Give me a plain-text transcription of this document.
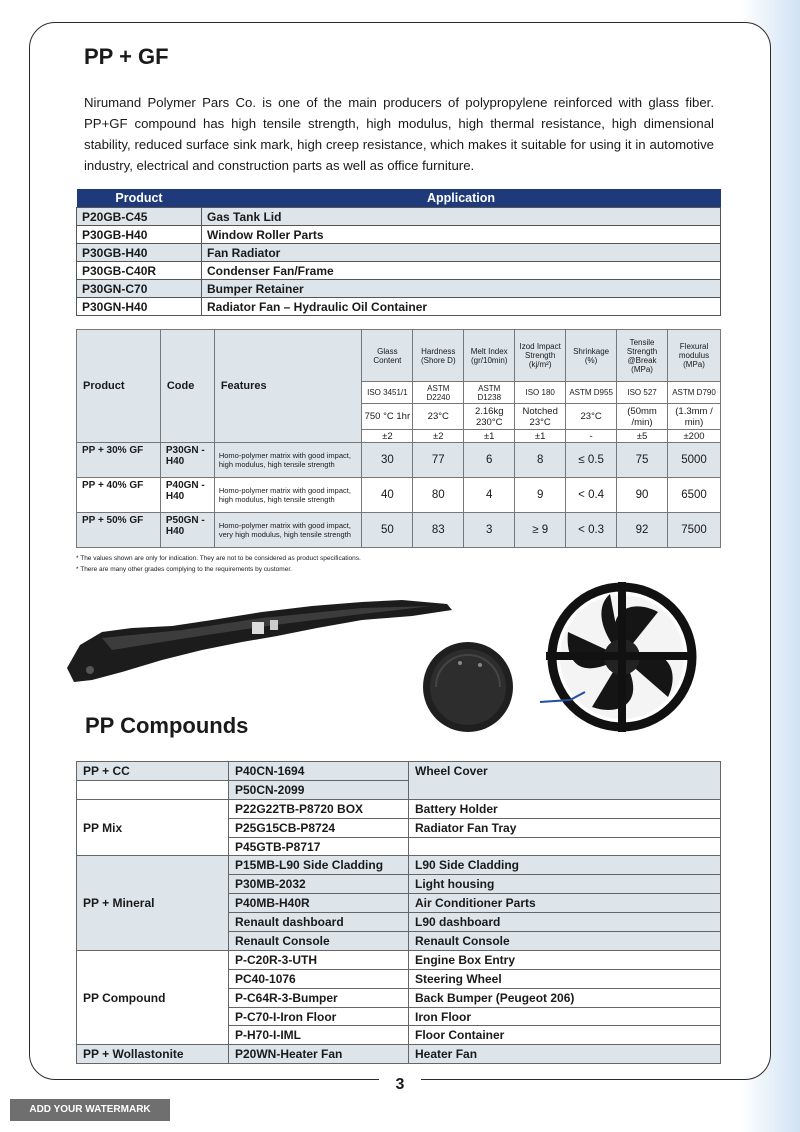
PP + GF
Nirumand Polymer Pars Co. is one of the main producers of polypropylene reinforced with glass fiber. PP+GF compound has high tensile strength, high modulus, high thermal resistance, high dimensional stability, reduced surface sink mark, high creep resistance, which makes it suitable for using it in automotive industry, electrical and construction parts as well as office furniture.
Product	Application
P20GB-C45	Gas Tank Lid
P30GB-H40	Window Roller Parts
P30GB-H40	Fan Radiator
P30GB-C40R	Condenser Fan/Frame
P30GN-C70	Bumper Retainer
P30GN-H40	Radiator Fan – Hydraulic Oil Container
Product	Code	Features	Glass Content	Hardness (Shore D)	Melt Index (gr/10min)	Izod Impact Strength (kj/m²)	Shrinkage (%)	Tensile Strength @Break (MPa)	Flexural modulus (MPa)
			ISO 3451/1	ASTM D2240	ASTM D1238	ISO 180	ASTM D955	ISO 527	ASTM D790
			750 °C 1hr	23°C	2.16kg 230°C	Notched 23°C	23°C	(50mm /min)	(1.3mm / min)
			±2	±2	±1	±1	-	±5	±200
PP + 30% GF	P30GN -H40	Homo-polymer matrix with good impact, high modulus, high tensile strength	30	77	6	8	≤ 0.5	75	5000
PP + 40% GF	P40GN -H40	Homo-polymer matrix with good impact, high modulus, high tensile strength	40	80	4	9	< 0.4	90	6500
PP + 50% GF	P50GN -H40	Homo-polymer matrix with good impact, very high modulus, high tensile strength	50	83	3	≥ 9	< 0.3	92	7500
* The values shown are only for indication. They are not to be considered as product specifications.
* There are many other grades complying to the requirements by customer.
PP Compounds
PP + CC	P40CN-1694	Wheel Cover
	P50CN-2099	
PP Mix	P22G22TB-P8720 BOX	Battery Holder
	P25G15CB-P8724	Radiator Fan Tray
	P45GTB-P8717	
PP + Mineral	P15MB-L90 Side Cladding	L90 Side Cladding
	P30MB-2032	Light housing
	P40MB-H40R	Air Conditioner Parts
	Renault dashboard	L90 dashboard
	Renault Console	Renault Console
PP Compound	P-C20R-3-UTH	Engine Box Entry
	PC40-1076	Steering Wheel
	P-C64R-3-Bumper	Back Bumper (Peugeot 206)
	P-C70-I-Iron Floor	Iron Floor
	P-H70-I-IML	Floor Container
PP + Wollastonite	P20WN-Heater Fan	Heater Fan
3
ADD YOUR WATERMARK
